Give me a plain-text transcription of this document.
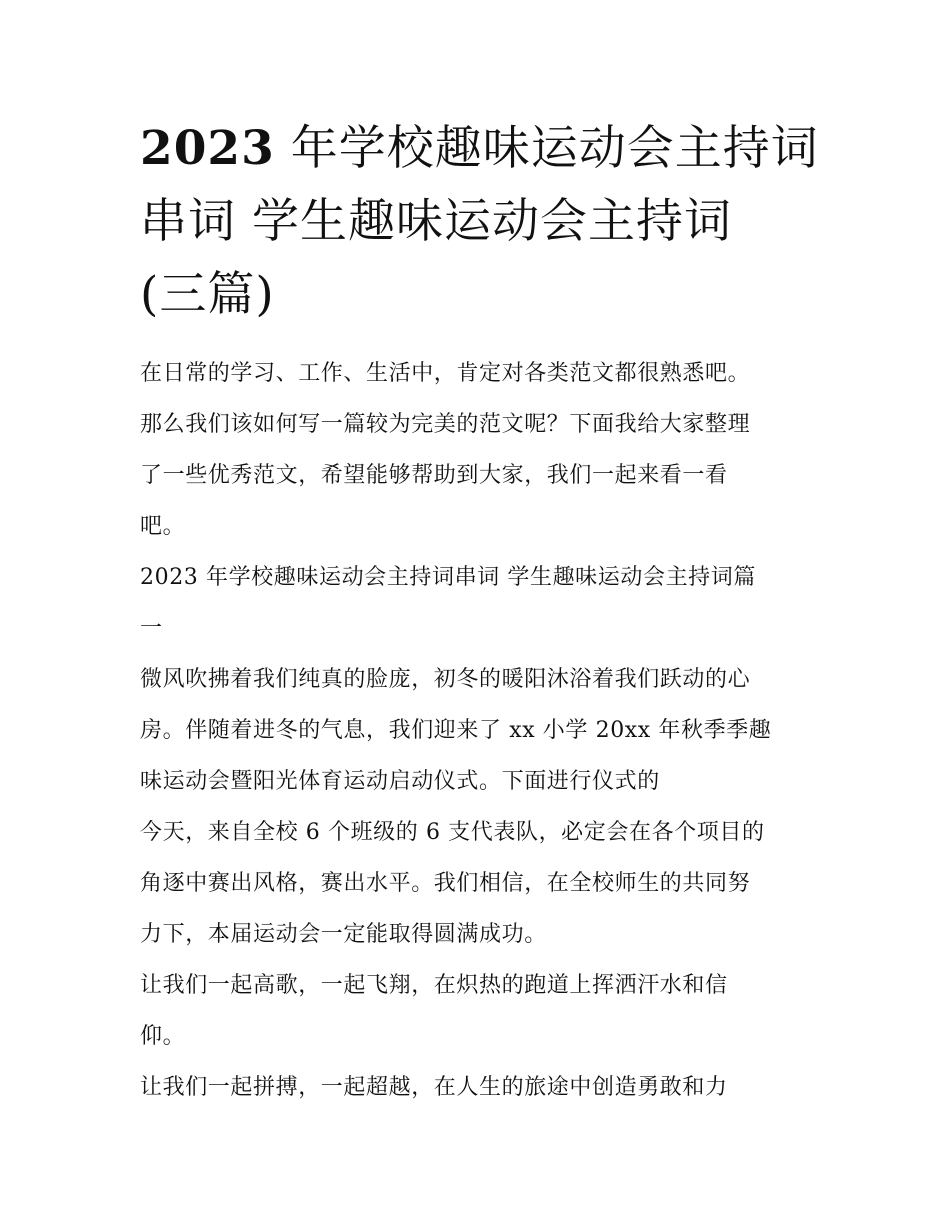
2023 年学校趣味运动会主持词
串词 学生趣味运动会主持词
(三篇)

在日常的学习、工作、生活中，肯定对各类范文都很熟悉吧。
那么我们该如何写一篇较为完美的范文呢？下面我给大家整理
了一些优秀范文，希望能够帮助到大家，我们一起来看一看
吧。

2023 年学校趣味运动会主持词串词 学生趣味运动会主持词篇
一

微风吹拂着我们纯真的脸庞，初冬的暖阳沐浴着我们跃动的心
房。伴随着进冬的气息，我们迎来了 xx 小学 20xx 年秋季季趣
味运动会暨阳光体育运动启动仪式。下面进行仪式的

今天，来自全校 6 个班级的 6 支代表队，必定会在各个项目的
角逐中赛出风格，赛出水平。我们相信，在全校师生的共同努
力下，本届运动会一定能取得圆满成功。

让我们一起高歌，一起飞翔，在炽热的跑道上挥洒汗水和信
仰。

让我们一起拼搏，一起超越，在人生的旅途中创造勇敢和力
